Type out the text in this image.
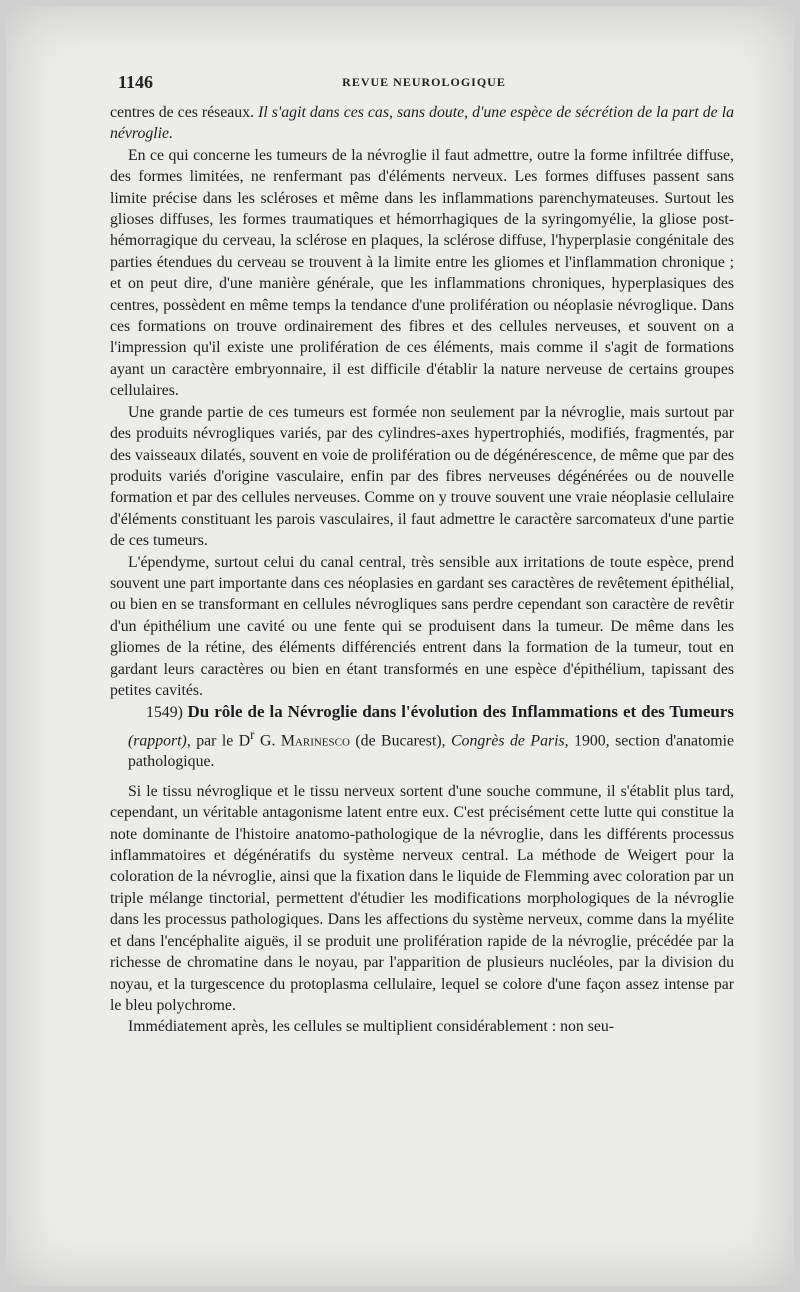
1146	REVUE NEUROLOGIQUE

centres de ces réseaux. Il s'agit dans ces cas, sans doute, d'une espèce de sécrétion de la part de la névroglie.

En ce qui concerne les tumeurs de la névroglie il faut admettre, outre la forme infiltrée diffuse, des formes limitées, ne renfermant pas d'éléments nerveux. Les formes diffuses passent sans limite précise dans les scléroses et même dans les inflammations parenchymateuses. Surtout les glioses diffuses, les formes traumatiques et hémorrhagiques de la syringomyélie, la gliose post-hémorragique du cerveau, la sclérose en plaques, la sclérose diffuse, l'hyperplasie congénitale des parties étendues du cerveau se trouvent à la limite entre les gliomes et l'inflammation chronique ; et on peut dire, d'une manière générale, que les inflammations chroniques, hyperplasiques des centres, possèdent en même temps la tendance d'une prolifération ou néoplasie névroglique. Dans ces formations on trouve ordinairement des fibres et des cellules nerveuses, et souvent on a l'impression qu'il existe une prolifération de ces éléments, mais comme il s'agit de formations ayant un caractère embryonnaire, il est difficile d'établir la nature nerveuse de certains groupes cellulaires.

Une grande partie de ces tumeurs est formée non seulement par la névroglie, mais surtout par des produits névrogliques variés, par des cylindres-axes hypertrophiés, modifiés, fragmentés, par des vaisseaux dilatés, souvent en voie de prolifération ou de dégénérescence, de même que par des produits variés d'origine vasculaire, enfin par des fibres nerveuses dégénérées ou de nouvelle formation et par des cellules nerveuses. Comme on y trouve souvent une vraie néoplasie cellulaire d'éléments constituant les parois vasculaires, il faut admettre le caractère sarcomateux d'une partie de ces tumeurs.

L'épendyme, surtout celui du canal central, très sensible aux irritations de toute espèce, prend souvent une part importante dans ces néoplasies en gardant ses caractères de revêtement épithélial, ou bien en se transformant en cellules névrogliques sans perdre cependant son caractère de revêtir d'un épithélium une cavité ou une fente qui se produisent dans la tumeur. De même dans les gliomes de la rétine, des éléments différenciés entrent dans la formation de la tumeur, tout en gardant leurs caractères ou bien en étant transformés en une espèce d'épithélium, tapissant des petites cavités.

1549) Du rôle de la Névroglie dans l'évolution des Inflammations et des Tumeurs (rapport), par le $D^r$ G. Marinesco (de Bucarest), Congrès de Paris, 1900, section d'anatomie pathologique.

Si le tissu névroglique et le tissu nerveux sortent d'une souche commune, il s'établit plus tard, cependant, un véritable antagonisme latent entre eux. C'est précisément cette lutte qui constitue la note dominante de l'histoire anatomo-pathologique de la névroglie, dans les différents processus inflammatoires et dégénératifs du système nerveux central. La méthode de Weigert pour la coloration de la névroglie, ainsi que la fixation dans le liquide de Flemming avec coloration par un triple mélange tinctorial, permettent d'étudier les modifications morphologiques de la névroglie dans les processus pathologiques. Dans les affections du système nerveux, comme dans la myélite et dans l'encéphalite aiguës, il se produit une prolifération rapide de la névroglie, précédée par la richesse de chromatine dans le noyau, par l'apparition de plusieurs nucléoles, par la division du noyau, et la turgescence du protoplasma cellulaire, lequel se colore d'une façon assez intense par le bleu polychrome.

Immédiatement après, les cellules se multiplient considérablement : non seu-
